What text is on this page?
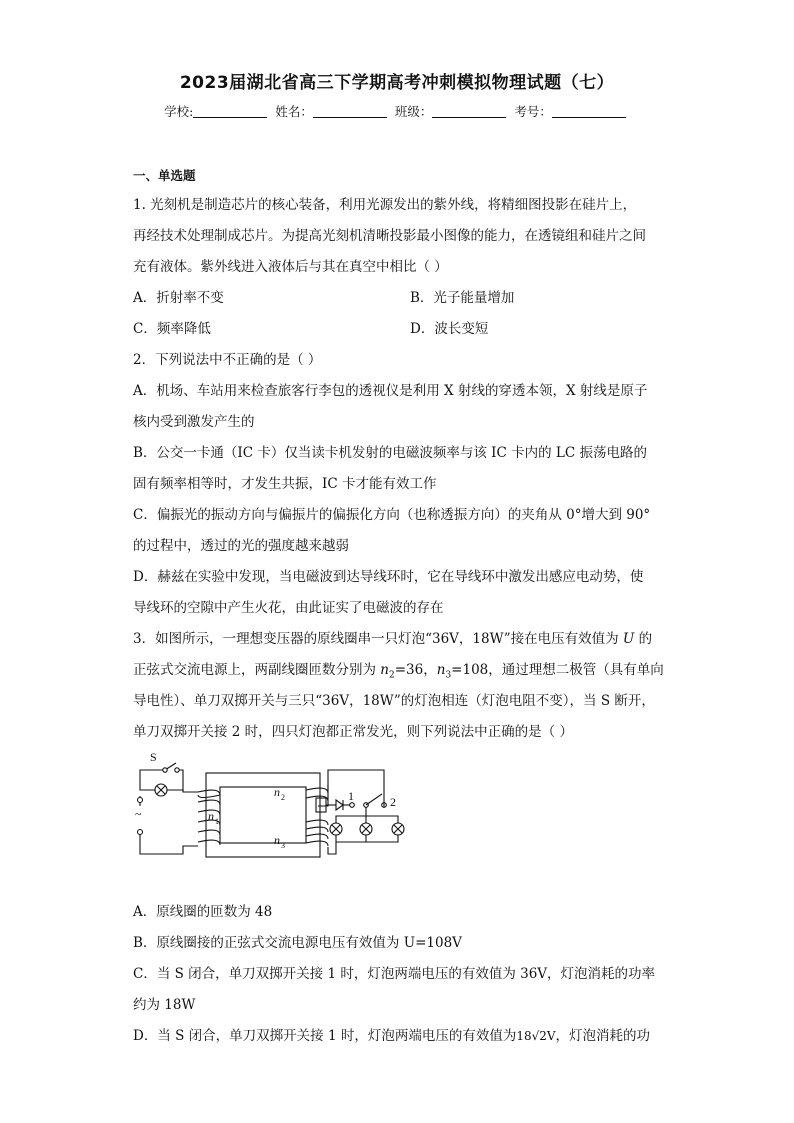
2023届湖北省高三下学期高考冲刺模拟物理试题（七）
学校:	姓名：	班级：	考号：
一、单选题
1. 光刻机是制造芯片的核心装备，利用光源发出的紫外线，将精细图投影在硅片上，
再经技术处理制成芯片。为提高光刻机清晰投影最小图像的能力，在透镜组和硅片之间
充有液体。紫外线进入液体后与其在真空中相比（ ）
A．折射率不变	B．光子能量增加
C．频率降低	D．波长变短
2．下列说法中不正确的是（ ）
A．机场、车站用来检查旅客行李包的透视仪是利用 X 射线的穿透本领，X 射线是原子
核内受到激发产生的
B．公交一卡通（IC 卡）仅当读卡机发射的电磁波频率与该 IC 卡内的 LC 振荡电路的
固有频率相等时，才发生共振，IC 卡才能有效工作
C．偏振光的振动方向与偏振片的偏振化方向（也称透振方向）的夹角从 0°增大到 90°
的过程中，透过的光的强度越来越弱
D．赫兹在实验中发现，当电磁波到达导线环时，它在导线环中激发出感应电动势，使
导线环的空隙中产生火花，由此证实了电磁波的存在
3．如图所示，一理想变压器的原线圈串一只灯泡“36V，18W”接在电压有效值为 U 的
正弦式交流电源上，两副线圈匝数分别为 $n_2=36$，$n_3=108$，通过理想二极管（具有单向
导电性）、单刀双掷开关与三只“36V，18W”的灯泡相连（灯泡电阻不变），当 S 断开，
单刀双掷开关接 2 时，四只灯泡都正常发光，则下列说法中正确的是（ ）
S
~	n 1
n 2
n 3
1	2
A．原线圈的匝数为 48
B．原线圈接的正弦式交流电源电压有效值为 U=108V
C．当 S 闭合，单刀双掷开关接 1 时，灯泡两端电压的有效值为 36V，灯泡消耗的功率
约为 18W
D．当 S 闭合，单刀双掷开关接 1 时，灯泡两端电压的有效值为18√2V，灯泡消耗的功
